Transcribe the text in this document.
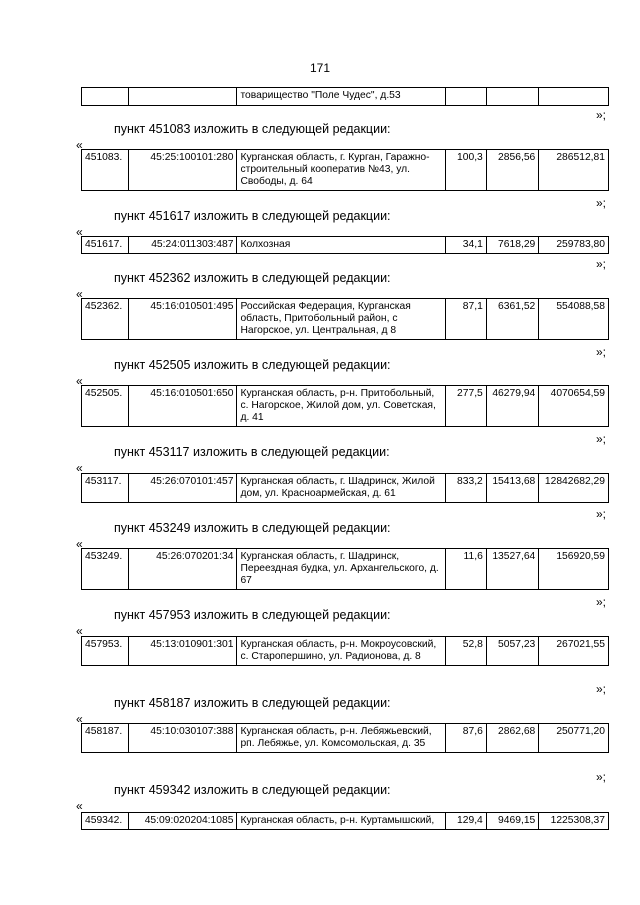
171
		товарищество "Поле Чудес", д.53			
»;
пункт 451083 изложить в следующей редакции:
«
451083.	45:25:100101:280	Курганская область, г. Курган, Гаражно-строительный кооператив №43, ул. Свободы, д. 64	100,3	2856,56	286512,81
»;
пункт 451617 изложить в следующей редакции:
«
451617.	45:24:011303:487	Колхозная	34,1	7618,29	259783,80
»;
пункт 452362 изложить в следующей редакции:
«
452362.	45:16:010501:495	Российская Федерация, Курганская область, Притобольный район, с Нагорское, ул. Центральная, д 8	87,1	6361,52	554088,58
»;
пункт 452505 изложить в следующей редакции:
«
452505.	45:16:010501:650	Курганская область, р-н. Притобольный, с. Нагорское, Жилой дом, ул. Советская, д. 41	277,5	46279,94	4070654,59
»;
пункт 453117 изложить в следующей редакции:
«
453117.	45:26:070101:457	Курганская область, г. Шадринск, Жилой дом, ул. Красноармейская, д. 61	833,2	15413,68	12842682,29
»;
пункт 453249 изложить в следующей редакции:
«
453249.	45:26:070201:34	Курганская область, г. Шадринск, Переездная будка, ул. Архангельского, д. 67	11,6	13527,64	156920,59
»;
пункт 457953 изложить в следующей редакции:
«
457953.	45:13:010901:301	Курганская область, р-н. Мокроусовский, с. Староперш​ино, ул. Радионова, д. 8	52,8	5057,23	267021,55
»;
пункт 458187 изложить в следующей редакции:
«
458187.	45:10:030107:388	Курганская область, р-н. Лебяжьевский, рп. Лебяжье, ул. Комсомольская, д. 35	87,6	2862,68	250771,20
»;
пункт 459342 изложить в следующей редакции:
«
459342.	45:09:020204:1085	Курганская область, р-н. Куртамышский,	129,4	9469,15	1225308,37
